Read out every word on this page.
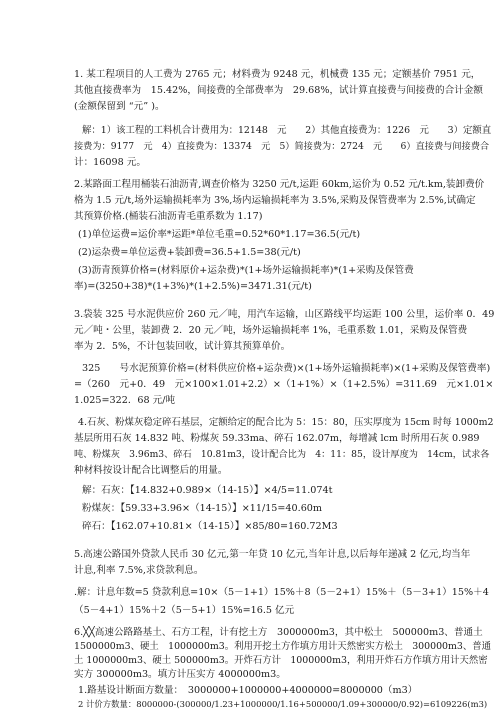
1. 某工程项目的人工费为 2765 元；材料费为 9248 元，机械费 135 元；定额基价 7951 元，
其他直接费率为　15.42%，间接费的全部费率为　29.68%，试计算直接费与间接费的合计金额
(金额保留到 “元” )。
解：1）该工程的工料机合计费用为：12148　元　　2）其他直接费为：1226　元　　3）定额直
接费为：9177　元　4）直接费为：13374　元　5）简接费为：2724　元　　6）直接费与间接费合
计：16098 元。
2.某路面工程用桶装石油沥青,调查价格为 3250 元/t,运距 60km,运价为 0.52 元/t.km,装卸费价
格为 1.5 元/t,场外运输损耗率为 3%,场内运输损耗率为 3.5%,采购及保管费率为 2.5%,试确定
其预算价格.(桶装石油沥青毛重系数为 1.17)
(1)单位运费=运价率*运距*单位毛重=0.52*60*1.17=36.5(元/t)
(2)运杂费=单位运费+装卸费=36.5+1.5=38(元/t)
(3)沥青预算价格=(材料原价+运杂费)*(1+场外运输损耗率)*(1+采购及保管费
率)=(3250+38)*(1+3%)*(1+2.5%)=3471.31(元/t)
3.袋装 325 号水泥供应价 260 元／吨，用汽车运输，山区路线平均运距 100 公里，运价率 0．49
元／吨・公里，装卸费 2．20 元／吨，场外运输损耗率 1%，毛重系数 1.01，采购及保管费
率为 2．5%，不计包装回收，试计算其预算单价。
325　　号水泥预算价格=(材料供应价格+运杂费)×(1+场外运输损耗率)×(1+采购及保管费率)
=（260　元+0．49　元×100×1.01+2.2）×（1+1%）×（1+2.5%）=311.69　元×1.01×
1.025=322．68 元/吨
4.石灰、粉煤灰稳定碎石基层，定额给定的配合比为 5：15：80，压实厚度为 15cm 时每 1000m2
基层所用石灰 14.832 吨、粉煤灰 59.33ma、碎石 162.07m，每增减 lcm 时所用石灰 0.989
吨、粉煤灰　3.96m3、碎石　10.81m3，设计配合比为　4：11：85，设计厚度为　14cm，试求各
种材料按设计配合比调整后的用量。
解：石灰：【14.832+0.989×（14-15）】×4/5=11.074t
粉煤灰：【59.33+3.96×（14-15）】×11/15=40.60m
碎石：【162.07+10.81×（14-15）】×85/80=160.72M3
5.高速公路国外贷款人民币 30 亿元,第一年贷 10 亿元,当年计息,以后每年递减 2 亿元,均当年
计息,利率 7.5%,求贷款利息。
.解：计息年数=5 贷款利息=10×（5－1+1）15%＋8（5－2+1）15%＋（5－3+1）15%＋4
（5－4+1）15%＋2（5－5+1）15%=16.5 亿元
6.╳╳高速公路路基土、石方工程，计有挖土方　3000000m3，其中松土　500000m3、普通土
1500000m3、硬土　1000000m3。利用开挖土方作填方用计天然密实方松土　300000m3、普通
土 1000000m3、硬土 500000m3。开炸石方计　1000000m3，利用开炸石方作填方用计天然密
实方 300000m3。填方计压实方 4000000m3。
1.路基设计断面方数量：　3000000+1000000+4000000=8000000（m3）
2 计价方数量：8000000-(300000/1.23+1000000/1.16+500000/1.09+300000/0.92)=6109226(m3)
